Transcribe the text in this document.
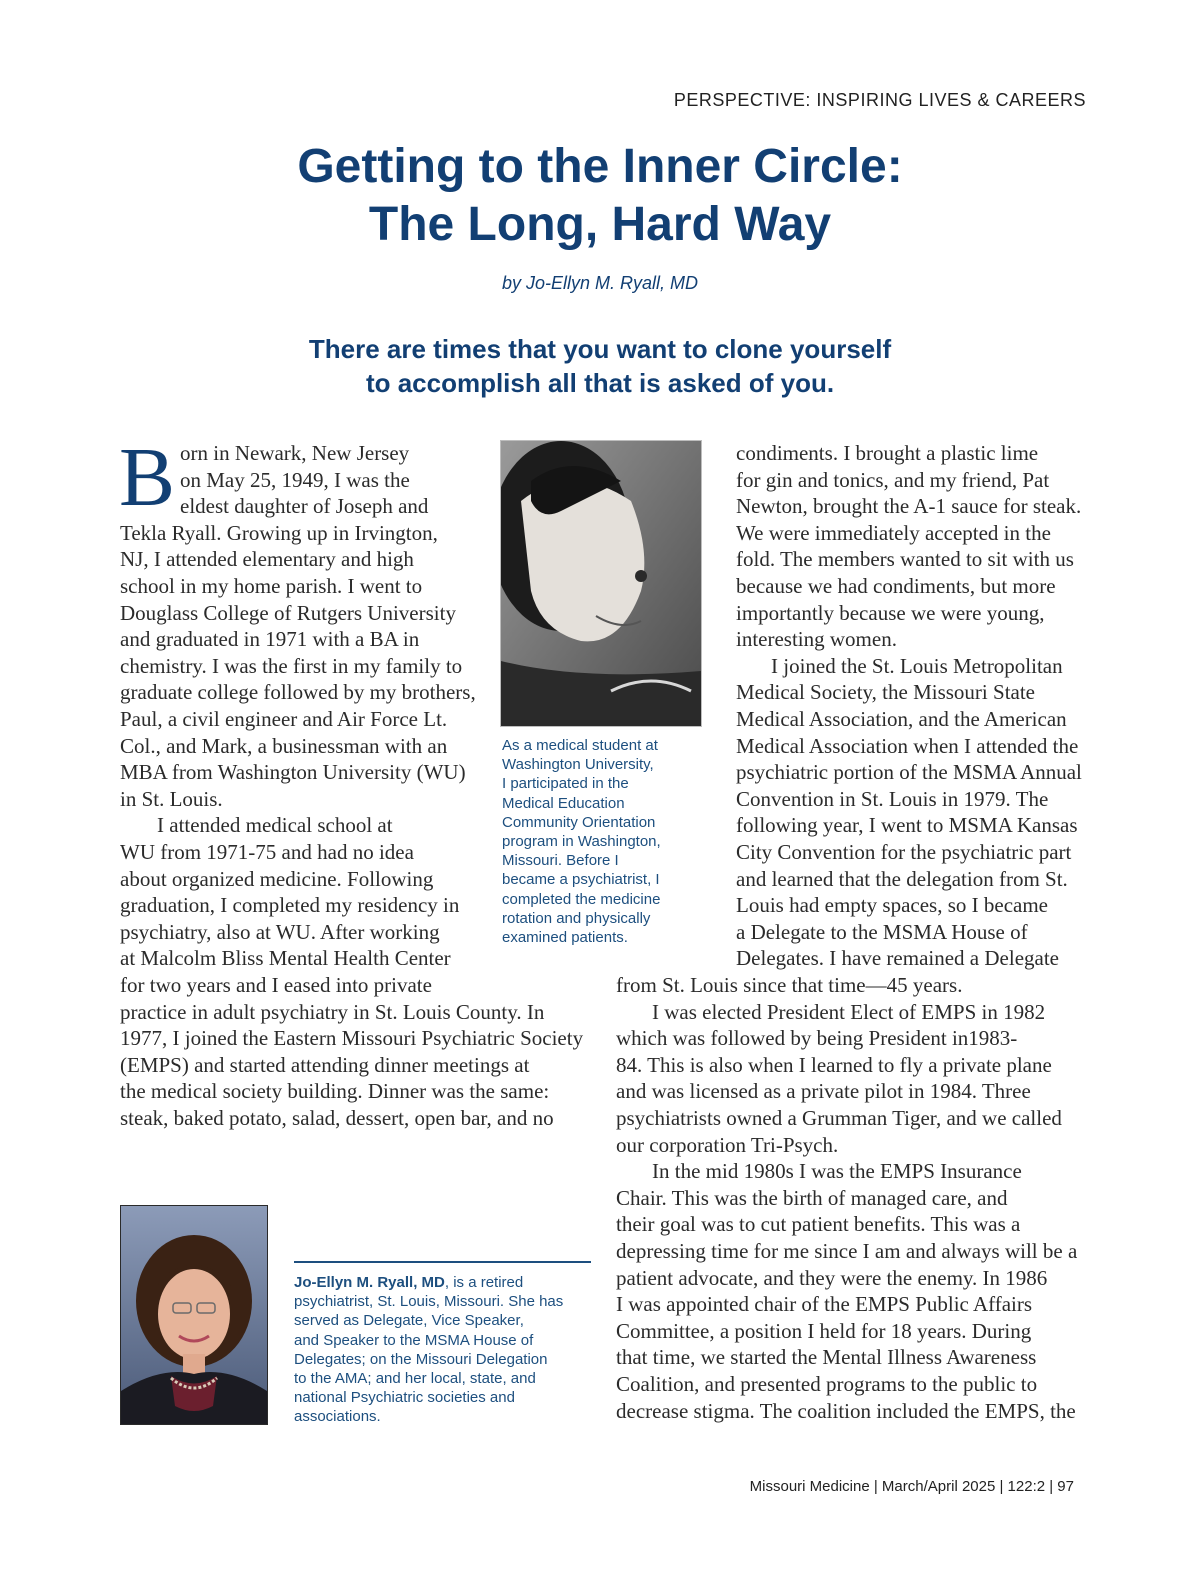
PERSPECTIVE: INSPIRING LIVES & CAREERS
Getting to the Inner Circle:
The Long, Hard Way
by Jo-Ellyn M. Ryall, MD
There are times that you want to clone yourself
to accomplish all that is asked of you.
B orn in Newark, New Jersey
on May 25, 1949, I was the
eldest daughter of Joseph and
Tekla Ryall. Growing up in Irvington,
NJ, I attended elementary and high
school in my home parish. I went to
Douglass College of Rutgers University
and graduated in 1971 with a BA in
chemistry. I was the first in my family to
graduate college followed by my brothers,
Paul, a civil engineer and Air Force Lt.
Col., and Mark, a businessman with an
MBA from Washington University (WU)
in St. Louis.
I attended medical school at
WU from 1971-75 and had no idea
about organized medicine. Following
graduation, I completed my residency in
psychiatry, also at WU. After working
at Malcolm Bliss Mental Health Center
for two years and I eased into private
practice in adult psychiatry in St. Louis County. In
1977, I joined the Eastern Missouri Psychiatric Society
(EMPS) and started attending dinner meetings at
the medical society building. Dinner was the same:
steak, baked potato, salad, dessert, open bar, and no
As a medical student at
Washington University,
I participated in the
Medical Education
Community Orientation
program in Washington,
Missouri. Before I
became a psychiatrist, I
completed the medicine
rotation and physically
examined patients.
condiments. I brought a plastic lime
for gin and tonics, and my friend, Pat
Newton, brought the A-1 sauce for steak.
We were immediately accepted in the
fold. The members wanted to sit with us
because we had condiments, but more
importantly because we were young,
interesting women.
I joined the St. Louis Metropolitan
Medical Society, the Missouri State
Medical Association, and the American
Medical Association when I attended the
psychiatric portion of the MSMA Annual
Convention in St. Louis in 1979. The
following year, I went to MSMA Kansas
City Convention for the psychiatric part
and learned that the delegation from St.
Louis had empty spaces, so I became
a Delegate to the MSMA House of
Delegates. I have remained a Delegate
from St. Louis since that time—45 years.
I was elected President Elect of EMPS in 1982
which was followed by being President in1983-
84. This is also when I learned to fly a private plane
and was licensed as a private pilot in 1984. Three
psychiatrists owned a Grumman Tiger, and we called
our corporation Tri-Psych.
In the mid 1980s I was the EMPS Insurance
Chair. This was the birth of managed care, and
their goal was to cut patient benefits. This was a
depressing time for me since I am and always will be a
patient advocate, and they were the enemy. In 1986
I was appointed chair of the EMPS Public Affairs
Committee, a position I held for 18 years. During
that time, we started the Mental Illness Awareness
Coalition, and presented programs to the public to
decrease stigma. The coalition included the EMPS, the
Jo-Ellyn M. Ryall, MD, is a retired
psychiatrist, St. Louis, Missouri. She has
served as Delegate, Vice Speaker,
and Speaker to the MSMA House of
Delegates; on the Missouri Delegation
to the AMA; and her local, state, and
national Psychiatric societies and
associations.
Missouri Medicine | March/April 2025 | 122:2 | 97
